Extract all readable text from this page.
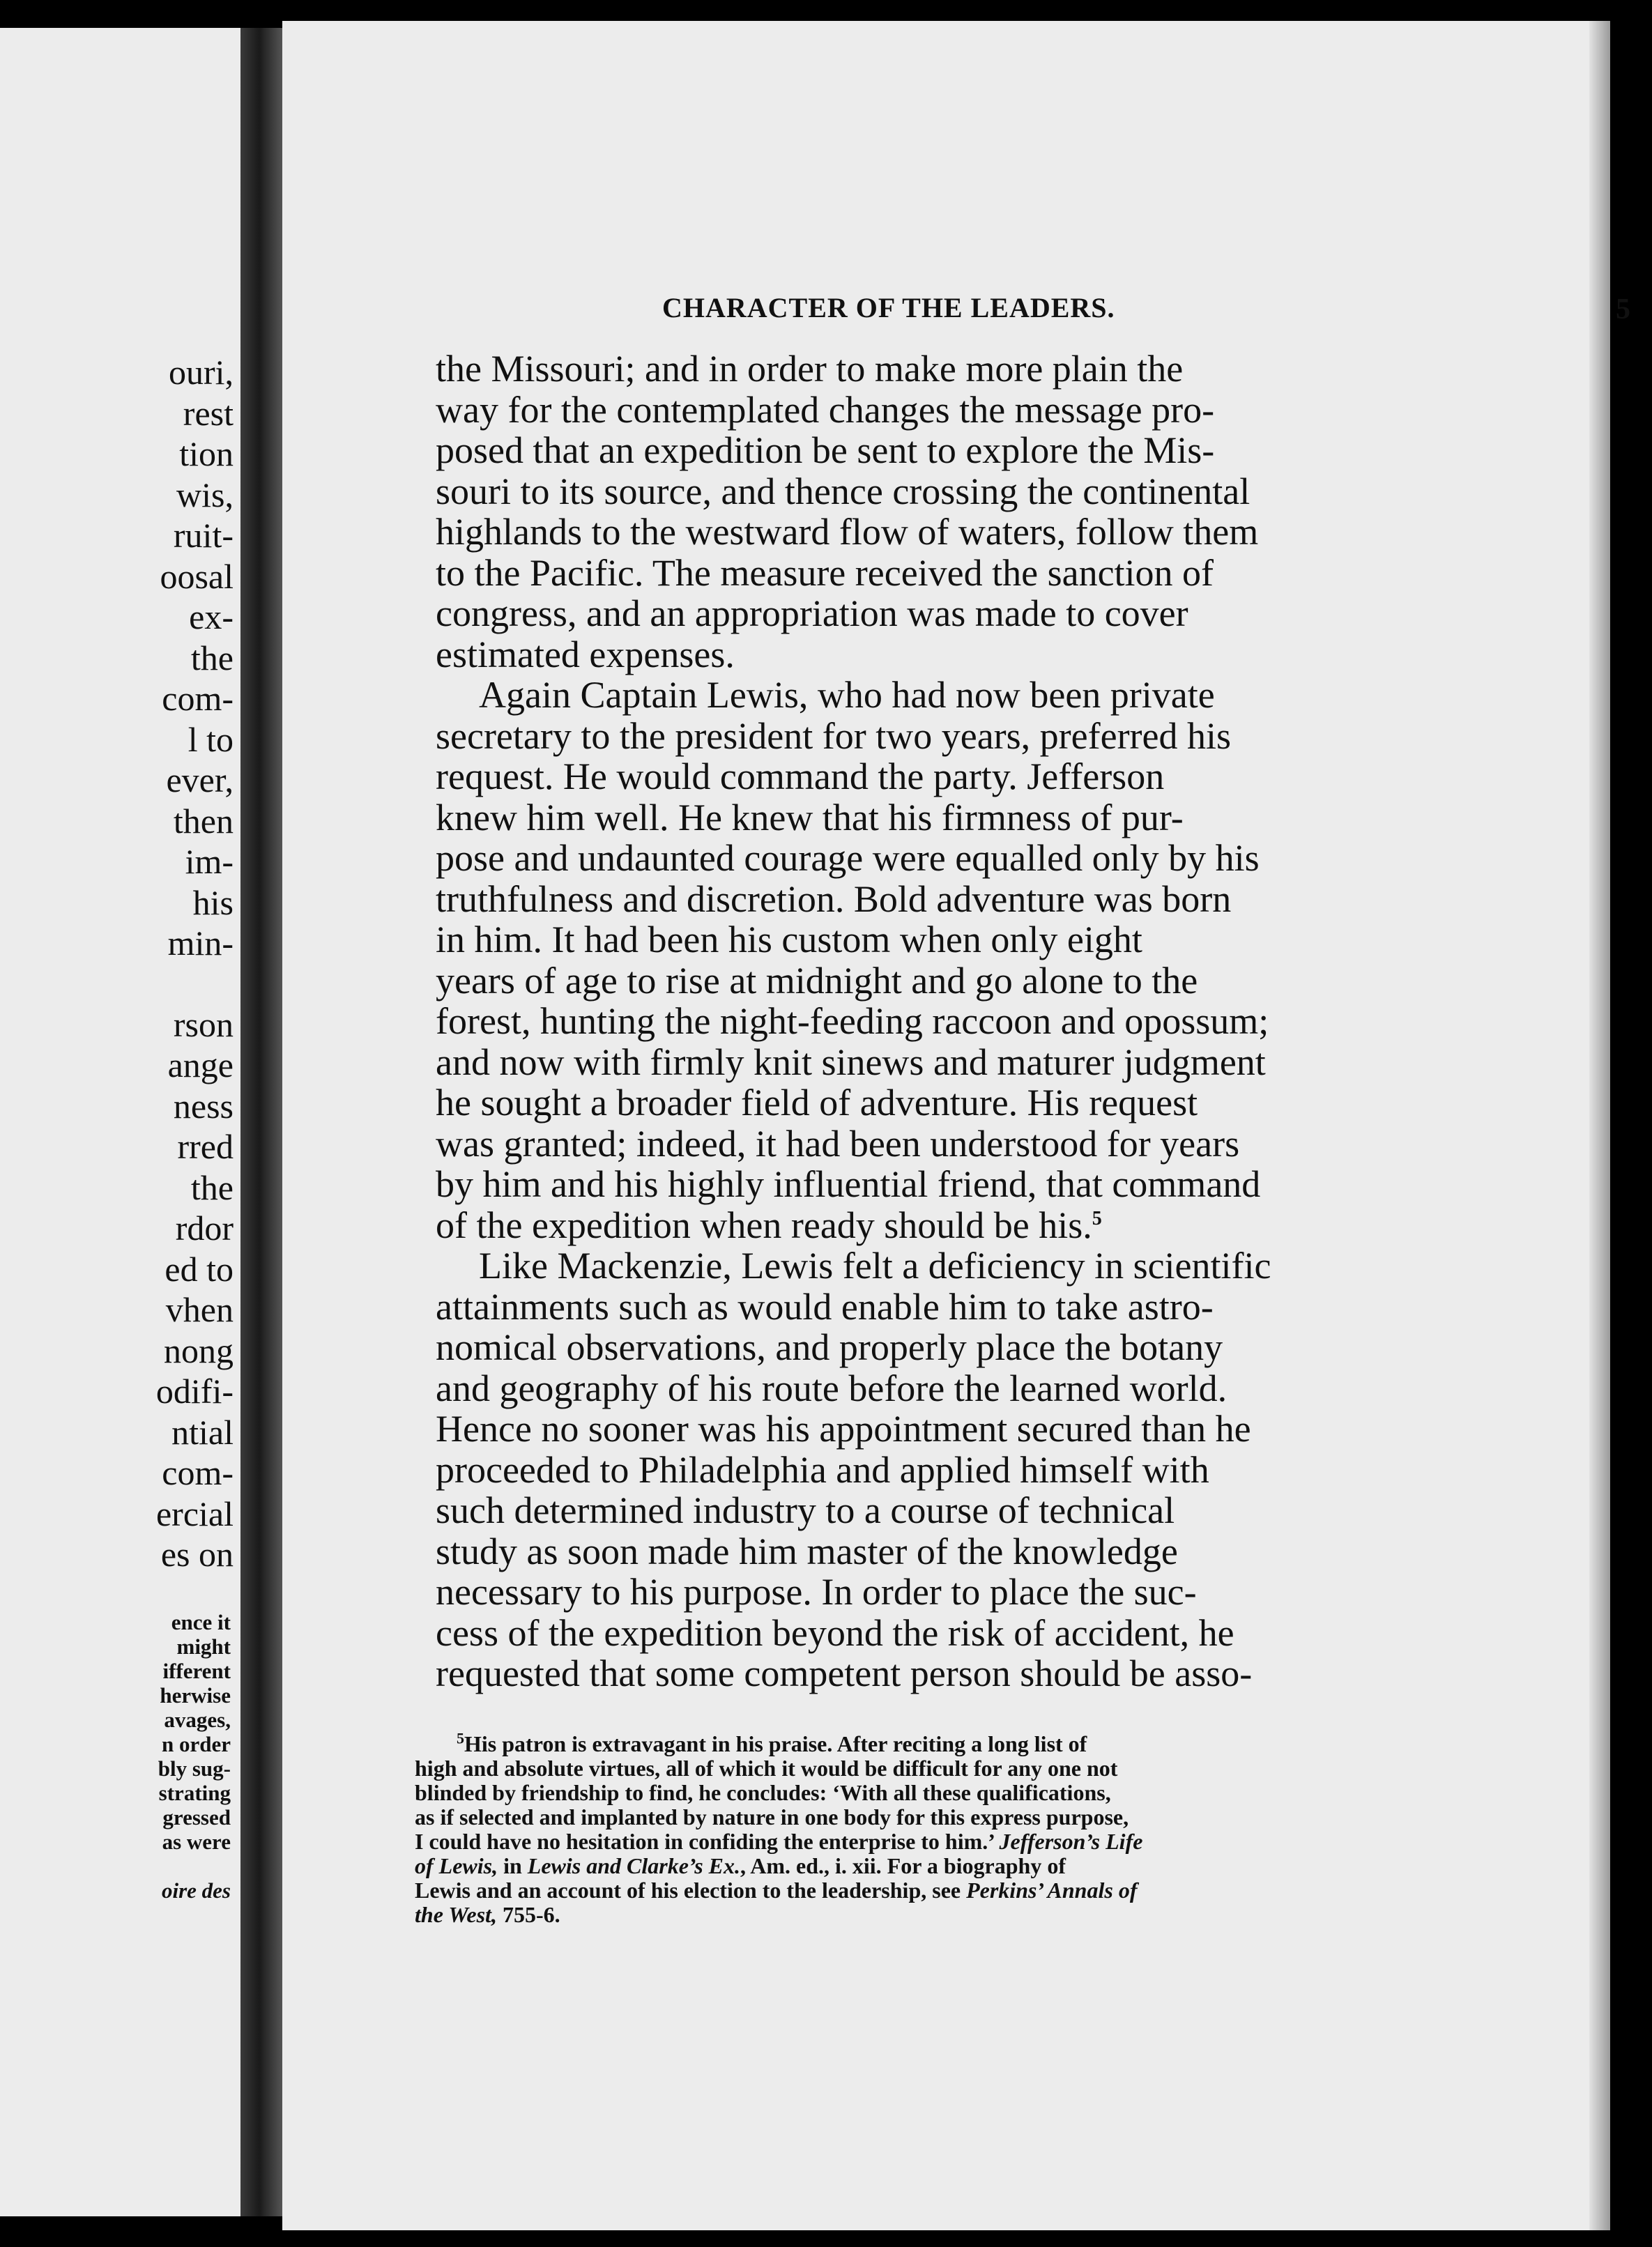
ouri,
rest
tion
wis,
ruit-
oosal
ex-
the
com-
l to
ever,
then
im-
his
min-
rson
ange
ness
rred
the
rdor
ed to
vhen
nong
odifi-
ntial
com-
ercial
es on
ence it
might
ifferent
herwise
avages,
n order
bly sug-
strating
gressed
as were
oire des
CHARACTER OF THE LEADERS.	5
the Missouri; and in order to make more plain the
way for the contemplated changes the message pro-
posed that an expedition be sent to explore the Mis-
souri to its source, and thence crossing the continental
highlands to the westward flow of waters, follow them
to the Pacific. The measure received the sanction of
congress, and an appropriation was made to cover
estimated expenses.
Again Captain Lewis, who had now been private
secretary to the president for two years, preferred his
request. He would command the party. Jefferson
knew him well. He knew that his firmness of pur-
pose and undaunted courage were equalled only by his
truthfulness and discretion. Bold adventure was born
in him. It had been his custom when only eight
years of age to rise at midnight and go alone to the
forest, hunting the night-feeding raccoon and opossum;
and now with firmly knit sinews and maturer judgment
he sought a broader field of adventure. His request
was granted; indeed, it had been understood for years
by him and his highly influential friend, that command
of the expedition when ready should be his.$^5$
Like Mackenzie, Lewis felt a deficiency in scientific
attainments such as would enable him to take astro-
nomical observations, and properly place the botany
and geography of his route before the learned world.
Hence no sooner was his appointment secured than he
proceeded to Philadelphia and applied himself with
such determined industry to a course of technical
study as soon made him master of the knowledge
necessary to his purpose. In order to place the suc-
cess of the expedition beyond the risk of accident, he
requested that some competent person should be asso-
$^5$His patron is extravagant in his praise. After reciting a long list of
high and absolute virtues, all of which it would be difficult for any one not
blinded by friendship to find, he concludes: ‘With all these qualifications,
as if selected and implanted by nature in one body for this express purpose,
I could have no hesitation in confiding the enterprise to him.’ Jefferson’s Life
of Lewis, in Lewis and Clarke’s Ex., Am. ed., i. xii. For a biography of
Lewis and an account of his election to the leadership, see Perkins’ Annals of
the West, 755-6.
